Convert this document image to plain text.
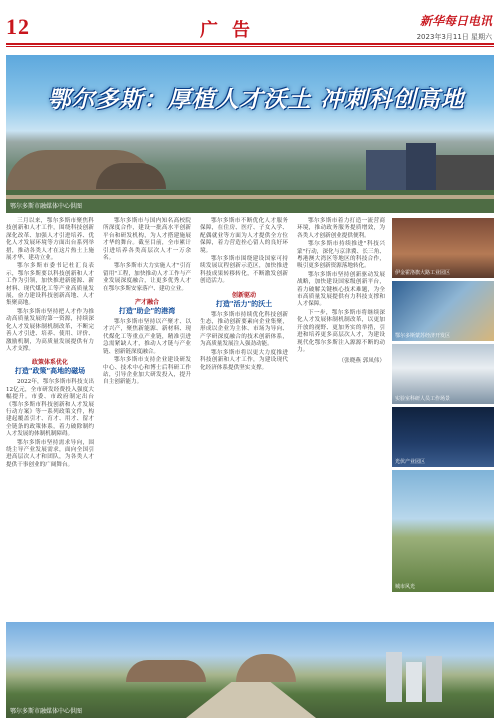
12	广告	新华每日电讯
2023年3月11日 星期六
鄂尔多斯：厚植人才沃土 冲刺科创高地
鄂尔多斯市融媒体中心供图

三月以来，鄂尔多斯市聚焦科技创新和人才工作，围绕科技创新深化改革、加强人才引进培养、优化人才发展环境等方面出台系列举措，推动各类人才在这片热土上施展才华、建功立业。

鄂尔多斯市委书记杜汇良表示，鄂尔多斯要以科技创新和人才工作为引领，加快推进新能源、新材料、现代煤化工等产业高质量发展，奋力建设科技创新高地、人才集聚高地。

鄂尔多斯市坚持把人才作为推动高质量发展的第一资源，持续深化人才发展体制机制改革，不断完善人才引进、培养、使用、评价、激励机制，为高质量发展提供有力人才支撑。

政策体系优化
打造"政策"高地的磁场

2022年，鄂尔多斯市科技支出12亿元，全市研发经费投入强度大幅提升。市委、市政府制定出台《鄂尔多斯市科技创新和人才发展行动方案》等一系列政策文件，构建起覆盖引才、育才、用才、留才全链条的政策体系，着力破除制约人才发展的体制机制障碍。

鄂尔多斯市坚持需求导向，围绕主导产业发展需求，面向全国引进高层次人才和团队，为各类人才提供干事创业的广阔舞台。

鄂尔多斯市与国内知名高校院所深度合作，建设一批高水平创新平台和研发机构，为人才搭建施展才华的舞台。截至目前，全市累计引进培养各类高层次人才一万余名。

鄂尔多斯市大力实施人才"引育留用"工程，加快推动人才工作与产业发展深度融合，让更多优秀人才在鄂尔多斯安家落户、建功立业。

产才融合
打造"助企"的港湾

鄂尔多斯市坚持以产聚才、以才兴产，聚焦新能源、新材料、现代煤化工等重点产业链，精准引进急需紧缺人才，推动人才链与产业链、创新链深度融合。

鄂尔多斯市支持企业建设研发中心、技术中心和博士后科研工作站，引导企业加大研发投入，提升自主创新能力。

鄂尔多斯市不断优化人才服务保障，在住房、医疗、子女入学、配偶就业等方面为人才提供全方位保障，着力营造拴心留人的良好环境。

鄂尔多斯市围绕建设国家可持续发展议程创新示范区，加快推进科技成果转移转化，不断激发创新创造活力。

创新驱动
打造"活力"的沃土

鄂尔多斯市持续优化科技创新生态，推动创新要素向企业集聚，形成以企业为主体、市场为导向、产学研深度融合的技术创新体系，为高质量发展注入强劲动能。

鄂尔多斯市将以更大力度推进科技创新和人才工作，为建设现代化经济体系提供坚实支撑。

鄂尔多斯市着力打造一流营商环境，推动政务服务提质增效，为各类人才创新创业提供便利。

鄂尔多斯市持续推进"科技兴蒙"行动，深化与京津冀、长三角、粤港澳大湾区等地区的科技合作，吸引更多创新资源落地转化。

鄂尔多斯市坚持创新驱动发展战略，加快建设国家级创新平台，着力破解关键核心技术难题，为全市高质量发展提供有力科技支撑和人才保障。

下一步，鄂尔多斯市将继续深化人才发展体制机制改革，以更加开放的视野、更加务实的举措，引进和培养更多高层次人才，为建设现代化鄂尔多斯注入源源不断的动力。

（张晓燕 郭凤伟）
伊金霍洛旗大路工业园区
鄂尔多斯蒙苏经济开发区
实验室科研人员工作场景
光伏产业园区
城市风光
鄂尔多斯市融媒体中心供图
